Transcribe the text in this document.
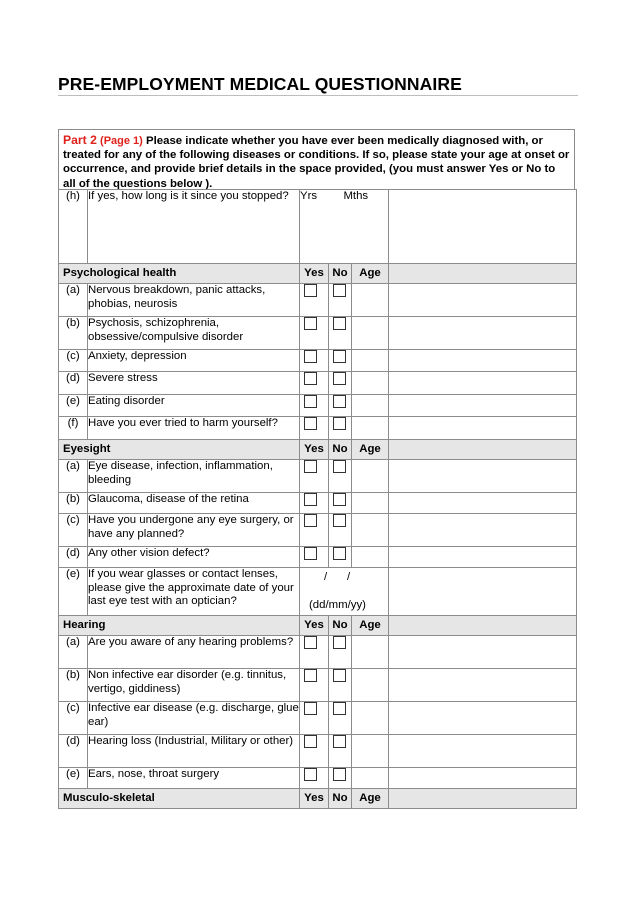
PRE-EMPLOYMENT MEDICAL QUESTIONNAIRE
Part 2 (Page 1) Please indicate whether you have ever been medically diagnosed with, or treated for any of the following diseases or conditions. If so, please state your age at onset or occurrence, and provide brief details in the space provided, (you must answer Yes or No to all of the questions below ).
(h)	If yes, how long is it since you stopped?	Yrs Mths			
Psychological health		Yes	No	Age	
(a)	Nervous breakdown, panic attacks, phobias, neurosis	

(b)	Psychosis, schizophrenia, obsessive/compulsive disorder	

(c)	Anxiety, depression	

(d)	Severe stress	

(e)	Eating disorder	

(f)	Have you ever tried to harm yourself?	

Eyesight		Yes	No	Age	
(a)	Eye disease, infection, inflammation, bleeding	

(b)	Glaucoma, disease of the retina	

(c)	Have you undergone any eye surgery, or have any planned?	

(d)	Any other vision defect?	

(e)	If you wear glasses or contact lenses, please give the approximate date of your last eye test with an optician?	/ /
(dd/mm/yy)			

Hearing		Yes	No	Age	
(a)	Are you aware of any hearing problems?	

(b)	Non infective ear disorder (e.g. tinnitus, vertigo, giddiness)	

(c)	Infective ear disease (e.g. discharge, glue ear)	

(d)	Hearing loss (Industrial, Military or other)	

(e)	Ears, nose, throat surgery	

Musculo-skeletal		Yes	No	Age	
